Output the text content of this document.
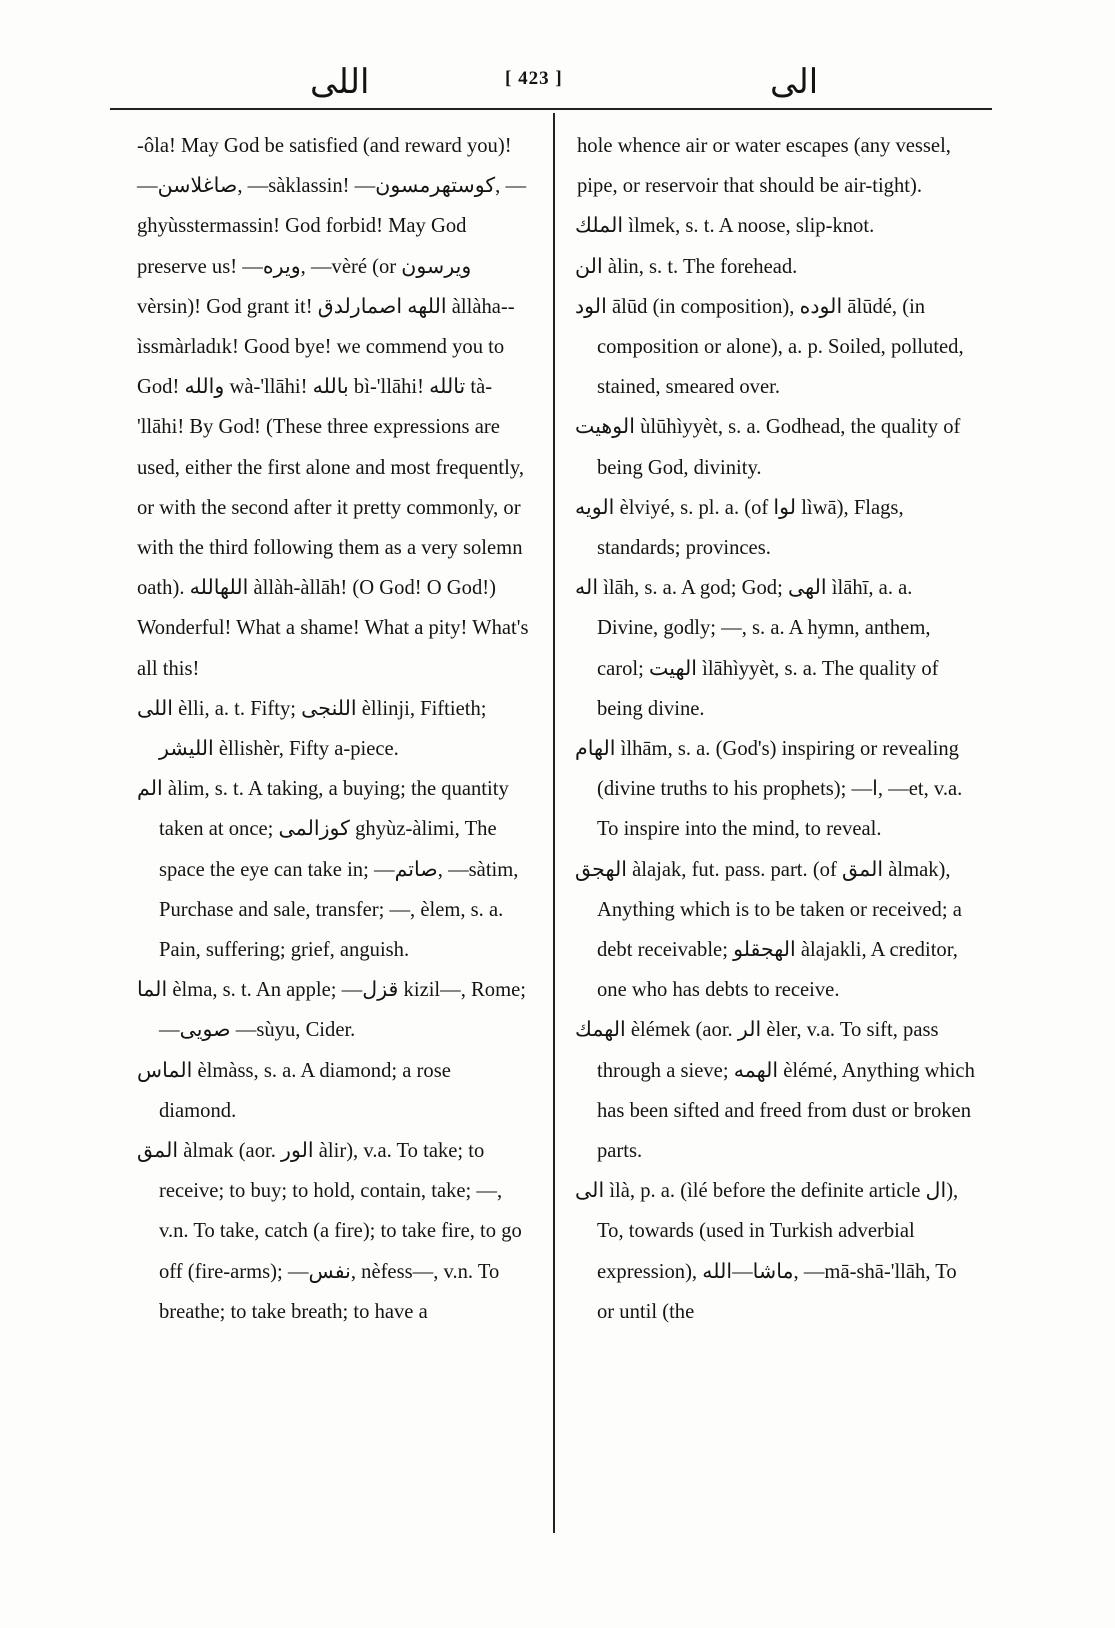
اللی	[ 423 ]	الی

-ôla! May God be satisfied (and reward you)! —صاغلاسن, —sàklassin! —كوستهرمسون, —ghyùsstermassin! God forbid! May God preserve us! —ويره, —vèré (or ويرسون vèrsin)! God grant it! اللهه اصمارلدق àllàha--ìssmàrladık! Good bye! we commend you to God! والله wà-'llāhi! بالله bì-'llāhi! تالله tà-'llāhi! By God! (These three expressions are used, either the first alone and most frequently, or with the second after it pretty commonly, or with the third following them as a very solemn oath). اللهالله àllàh-àllāh! (O God! O God!) Wonderful! What a shame! What a pity! What's all this!

اللی èlli, a. t. Fifty; اللنجی èllinji, Fiftieth; اللیشر èllishèr, Fifty a-piece.

الم àlim, s. t. A taking, a buying; the quantity taken at once; كوزالمی ghyùz-àlimi, The space the eye can take in; —صاتم, —sàtim, Purchase and sale, transfer; —, èlem, s. a. Pain, suffering; grief, anguish.

الما èlma, s. t. An apple; —قزل kizil—, Rome; —صویی —sùyu, Cider.

الماس èlmàss, s. a. A diamond; a rose diamond.

المق àlmak (aor. الور àlir), v.a. To take; to receive; to buy; to hold, contain, take; —, v.n. To take, catch (a fire); to take fire, to go off (fire-arms); —نفس, nèfess—, v.n. To breathe; to take breath; to have a

hole whence air or water escapes (any vessel, pipe, or reservoir that should be air-tight).

الملك ìlmek, s. t. A noose, slip-knot.

الن àlin, s. t. The forehead.

الود ālūd (in composition), الوده ālūdé, (in composition or alone), a. p. Soiled, polluted, stained, smeared over.

الوهیت ùlūhìyyèt, s. a. Godhead, the quality of being God, divinity.

الویه èlviyé, s. pl. a. (of لوا lìwā), Flags, standards; provinces.

اله ìlāh, s. a. A god; God; الهی ìlāhī, a. a. Divine, godly; —, s. a. A hymn, anthem, carol; الهیت ìlāhìyyèt, s. a. The quality of being divine.

الهام ìlhām, s. a. (God's) inspiring or revealing (divine truths to his prophets); —ا, —et, v.a. To inspire into the mind, to reveal.

الهجق àlajak, fut. pass. part. (of المق àlmak), Anything which is to be taken or received; a debt receivable; الهجقلو àlajakli, A creditor, one who has debts to receive.

الهمك èlémek (aor. الر èler, v.a. To sift, pass through a sieve; الهمه èlémé, Anything which has been sifted and freed from dust or broken parts.

الی ìlà, p. a. (ìlé before the definite article ال), To, towards (used in Turkish adverbial expression), ماشا—الله, —mā-shā-'llāh, To or until (the
